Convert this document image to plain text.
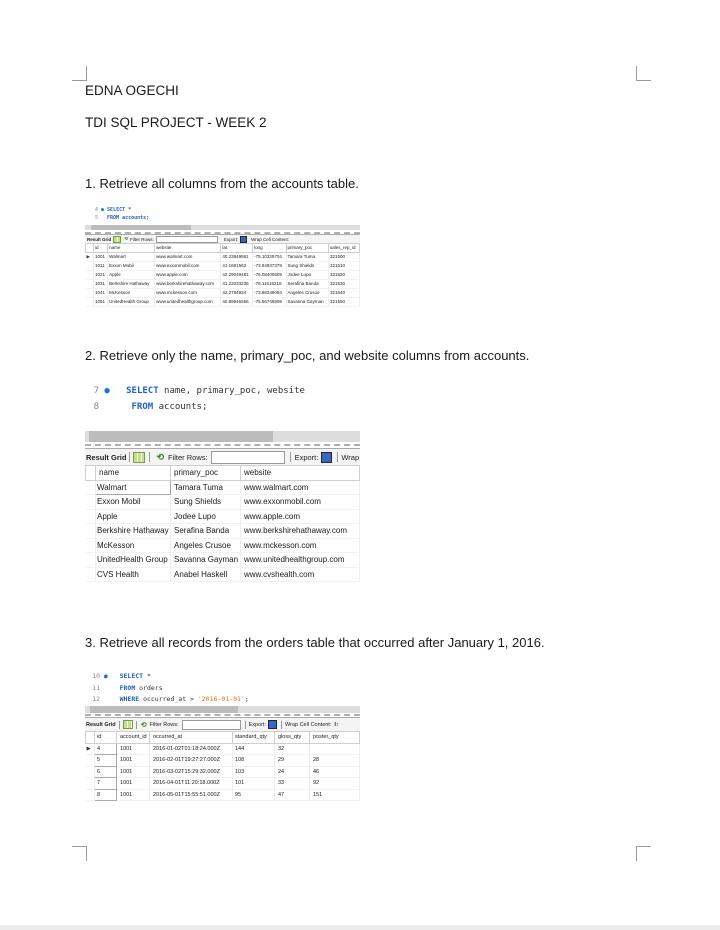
EDNA OGECHI
TDI SQL PROJECT - WEEK 2
1. Retrieve all columns from the accounts table.
4 ● SELECT *
5 FROM accounts;
Result Grid	⟲ Filter Rows:	Export:	Wrap Cell Content:
	id	name	website	lat	long	primary_poc	sales_rep_id
▶	1001	Walmart	www.walmart.com	40.23849561	-75.10329704	Tamara Tuma	321500
	1011	Exxon Mobil	www.exxonmobil.com	41.1691563	-73.84937379	Sung Shields	321510
	1021	Apple	www.apple.com	42.29049481	-76.08400509	Jodee Lupo	321520
	1031	Berkshire Hathaway	www.berkshirehathaway.com	41.22033236	-76.11516218	Serafina Banda	321530
	1041	McKesson	www.mckesson.com	42.2784934	-73.98349094	Angeles Crusoe	321540
	1051	UnitedHealth Group	www.unitedhealthgroup.com	40.89546556	-75.56746909	Savanna Gayman	321550
2. Retrieve only the name, primary_poc, and website columns from accounts.
7 ● SELECT name, primary_poc, website
8	FROM accounts;
Result Grid	⟲ Filter Rows:	Export:	Wrap
	name	primary_poc	website
	Walmart	Tamara Tuma	www.walmart.com
	Exxon Mobil	Sung Shields	www.exxonmobil.com
	Apple	Jodee Lupo	www.apple.com
	Berkshire Hathaway	Serafina Banda	www.berkshirehathaway.com
	McKesson	Angeles Crusoe	www.mckesson.com
	UnitedHealth Group	Savanna Gayman	www.unitedhealthgroup.com
	CVS Health	Anabel Haskell	www.cvshealth.com
3. Retrieve all records from the orders table that occurred after January 1, 2016.
10 ● SELECT *
11	FROM orders
12	WHERE occurred_at > '2016-01-01';
Result Grid	⟲ Filter Rows:	Export:	Wrap Cell Content: I↕
	id	account_id	occurred_at	standard_qty	gloss_qty	poster_qty
▶	4	1001	2016-01-02T01:18:24.000Z	144	32	
	5	1001	2016-02-01T19:27:27.000Z	108	29	28
	6	1001	2016-03-02T15:29:32.000Z	103	24	46
	7	1001	2016-04-01T11:20:18.000Z	101	33	92
	8	1001	2016-05-01T15:55:51.000Z	95	47	151
